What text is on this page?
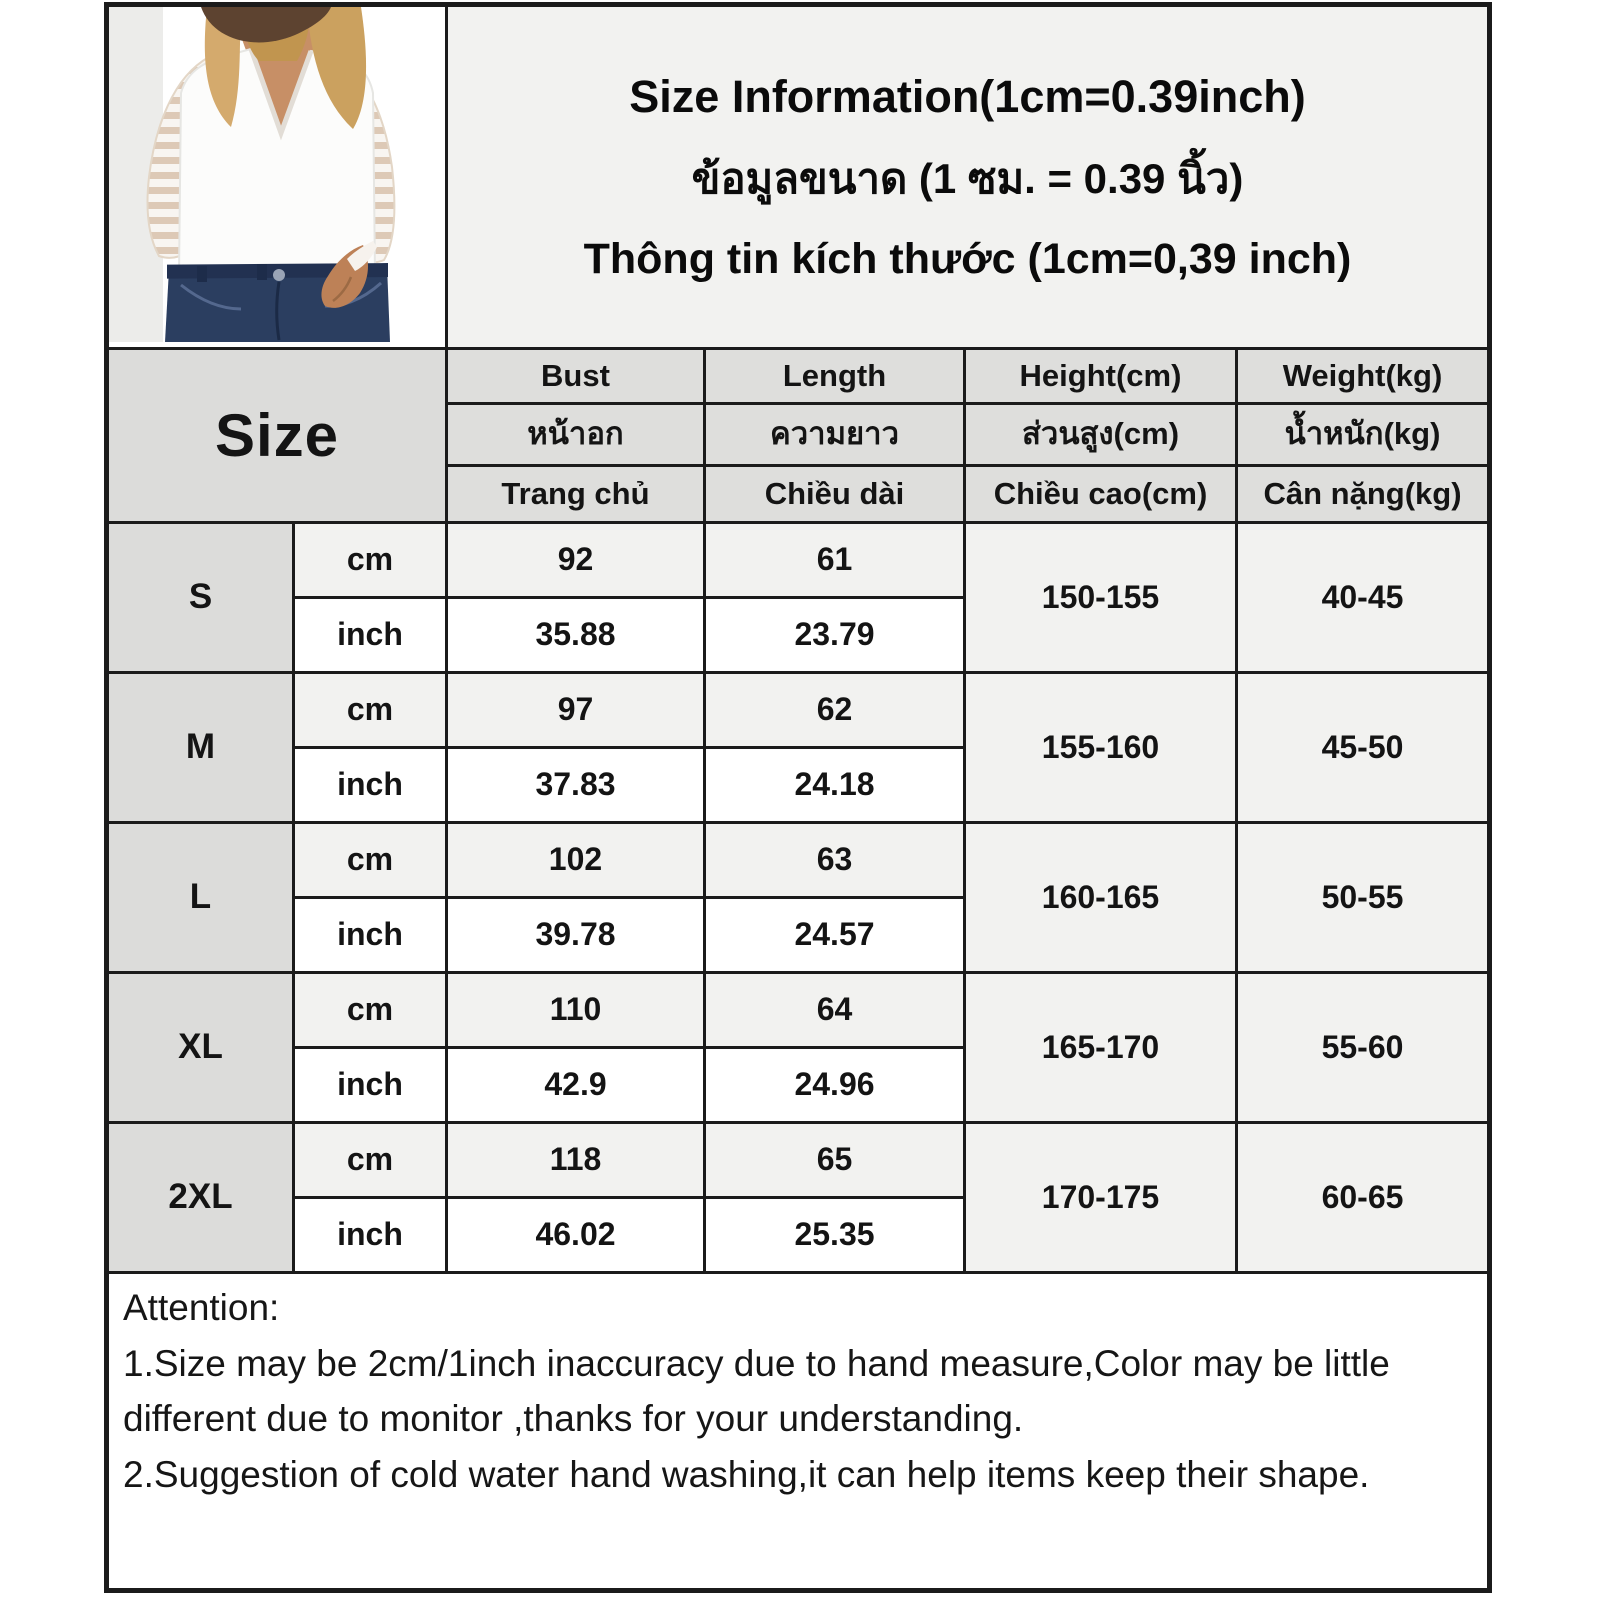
Size Information(1cm=0.39inch)
ข้อมูลขนาด (1 ซม. = 0.39 นิ้ว)
Thông tin kích thước (1cm=0,39 inch)
Size
Bust	Length	Height(cm)	Weight(kg)
หน้าอก	ความยาว	ส่วนสูง(cm)	น้ำหนัก(kg)
Trang chủ	Chiều dài	Chiều cao(cm)	Cân nặng(kg)
S
cm	92	61
inch	35.88	23.79
150-155	40-45
M
cm	97	62
inch	37.83	24.18
155-160	45-50
L
cm	102	63
inch	39.78	24.57
160-165	50-55
XL
cm	110	64
inch	42.9	24.96
165-170	55-60
2XL
cm	118	65
inch	46.02	25.35
170-175	60-65
Attention:
1.Size may be 2cm/1inch inaccuracy due to hand measure,Color may be little different due to monitor ,thanks for your understanding.
2.Suggestion of cold water hand washing,it can help items keep their shape.
